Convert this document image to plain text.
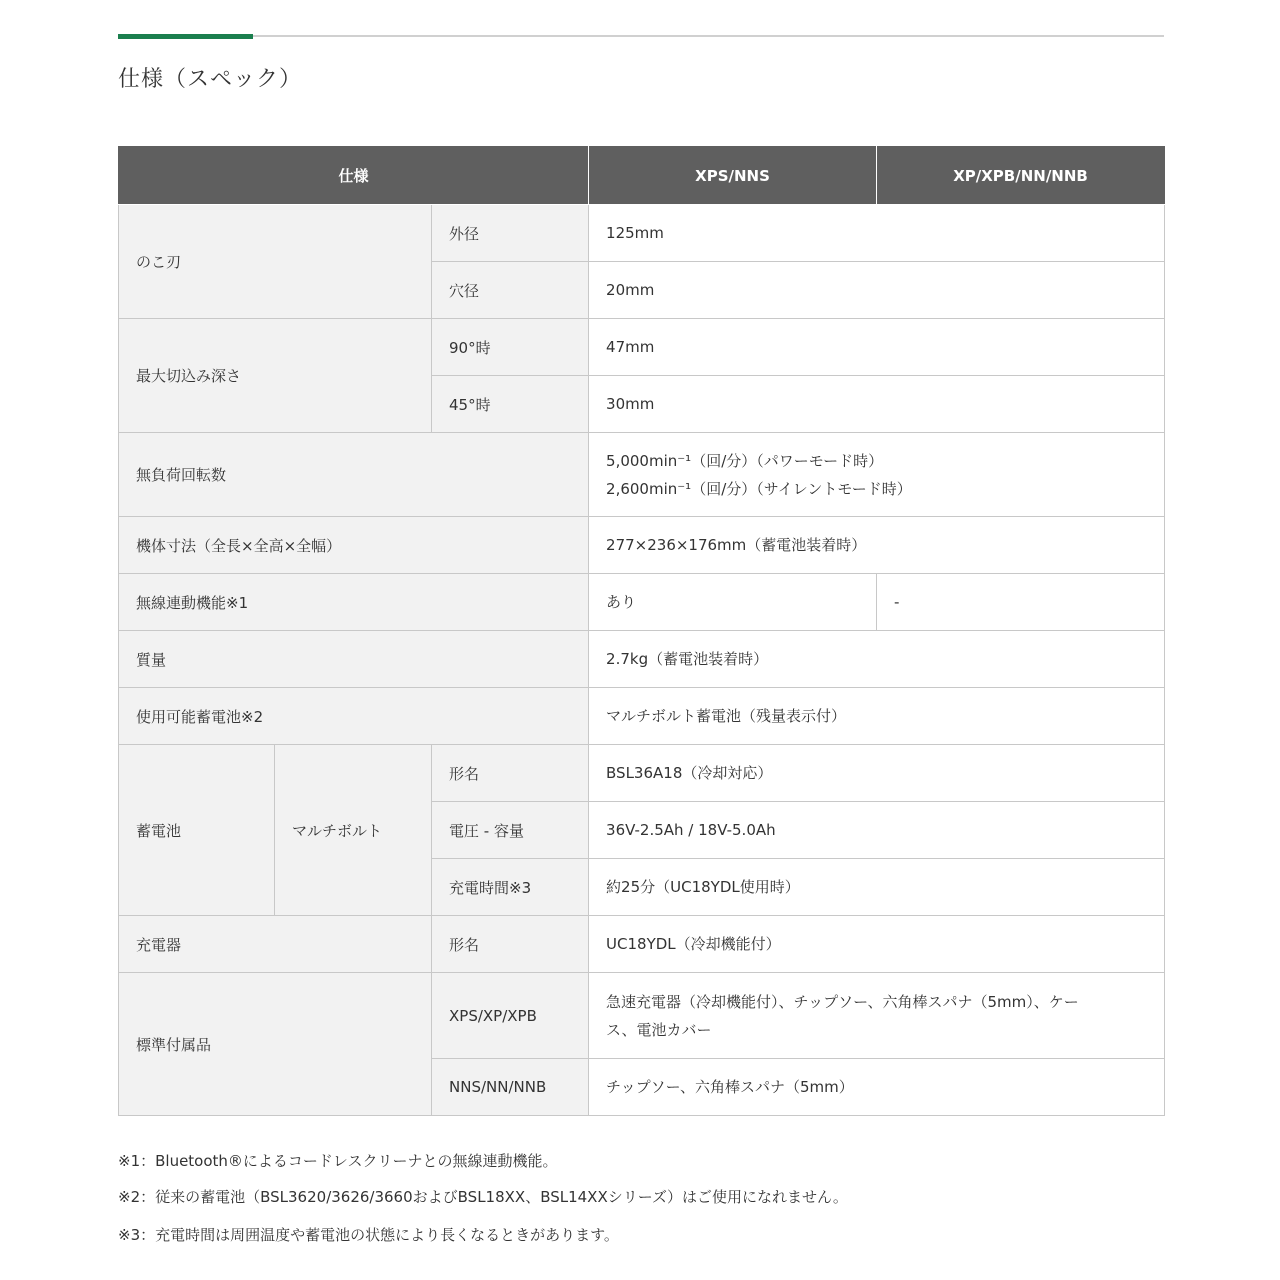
仕様（スペック）
仕様			XPS/NNS	XP/XPB/NN/NNB
のこ刃		外径	125mm	
		穴径	20mm	
最大切込み深さ		90°時	47mm	
		45°時	30mm	
無負荷回転数			5,000min⁻¹（回/分）（パワーモード時）
2,600min⁻¹（回/分）（サイレントモード時）	

機体寸法（全長×全高×全幅）			277×236×176mm（蓄電池装着時）	
無線連動機能※1			あり	-
質量			2.7kg（蓄電池装着時）	
使用可能蓄電池※2			マルチボルト蓄電池（残量表示付）	
蓄電池	マルチボルト	形名	BSL36A18（冷却対応）	
		電圧 - 容量	36V-2.5Ah / 18V-5.0Ah	
		充電時間※3	約25分（UC18YDL使用時）	
充電器		形名	UC18YDL（冷却機能付）	
標準付属品		XPS/XP/XPB	急速充電器（冷却機能付）、チップソー、六角棒スパナ（5mm）、ケー
ス、電池カバー	

		NNS/NN/NNB	チップソー、六角棒スパナ（5mm）	
※1：Bluetooth®によるコードレスクリーナとの無線連動機能。
※2：従来の蓄電池（BSL3620/3626/3660およびBSL18XX、BSL14XXシリーズ）はご使用になれません。
※3：充電時間は周囲温度や蓄電池の状態により長くなるときがあります。
